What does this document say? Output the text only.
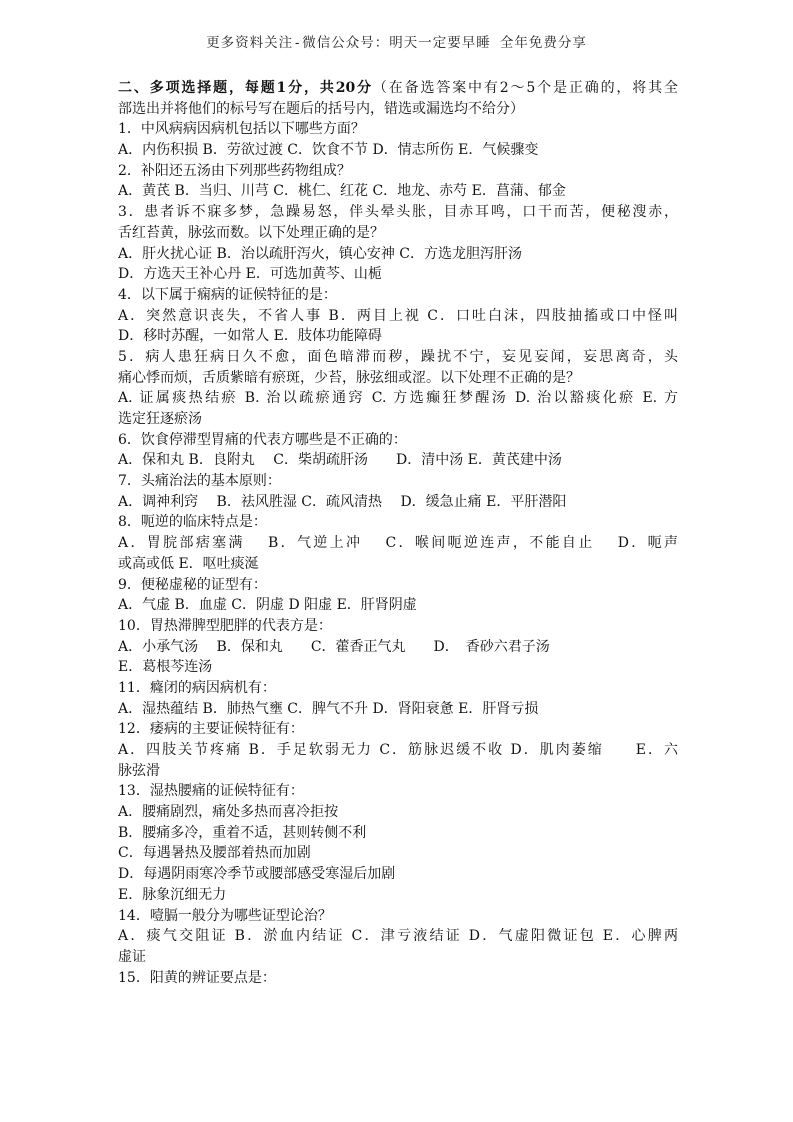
更多资料关注-微信公众号：明天一定要早睡 全年免费分享
二、多项选择题，每题1分，共20分（在备选答案中有2～5个是正确的，将其全
部选出并将他们的标号写在题后的括号内，错选或漏选均不给分）
1．中风病病因病机包括以下哪些方面？
A．内伤积损 B．劳欲过渡 C．饮食不节 D．情志所伤 E．气候骤变
2．补阳还五汤由下列那些药物组成？
A．黄芪 B．当归、川芎 C．桃仁、红花 C．地龙、赤芍 E．菖蒲、郁金
3．患者诉不寐多梦，急躁易怒，伴头晕头胀，目赤耳鸣，口干而苦，便秘溲赤，
舌红苔黄，脉弦而数。以下处理正确的是？
A．肝火扰心证 B．治以疏肝泻火，镇心安神 C．方选龙胆泻肝汤
D．方选天王补心丹 E．可选加黄芩、山栀
4．以下属于痫病的证候特征的是：
A．突然意识丧失，不省人事 B．两目上视 C．口吐白沫，四肢抽搐或口中怪叫
D．移时苏醒，一如常人 E．肢体功能障碍
5．病人患狂病日久不愈，面色暗滞而秽，躁扰不宁，妄见妄闻，妄思离奇，头
痛心悸而烦，舌质紫暗有瘀斑，少苔，脉弦细或涩。以下处理不正确的是？
A. 证属痰热结瘀 B. 治以疏瘀通窍 C. 方选癫狂梦醒汤 D. 治以豁痰化瘀 E. 方
选定狂逐瘀汤
6．饮食停滞型胃痛的代表方哪些是不正确的：
A．保和丸 B．良附丸　 C．柴胡疏肝汤　　D．清中汤 E．黄芪建中汤
7．头痛治法的基本原则：
A．调神利窍　 B．祛风胜湿 C．疏风清热　 D．缓急止痛 E．平肝潜阳
8．呃逆的临床特点是：
A．胃脘部痞塞满　 B．气逆上冲　 C．喉间呃逆连声，不能自止　 D．呃声
或高或低 E．呕吐痰涎
9．便秘虚秘的证型有：
A．气虚 B．血虚 C．阴虚 D 阳虚 E．肝肾阴虚
10．胃热滞脾型肥胖的代表方是：
A．小承气汤　 B．保和丸　　C．藿香正气丸　　D．　香砂六君子汤
E．葛根芩连汤
11．癃闭的病因病机有：
A．湿热蕴结 B．肺热气壅 C．脾气不升 D．肾阳衰惫 E．肝肾亏损
12．痿病的主要证候特征有：
A．四肢关节疼痛 B．手足软弱无力 C．筋脉迟缓不收 D．肌肉萎缩　　E．六
脉弦滑
13．湿热腰痛的证候特征有：
A．腰痛剧烈，痛处多热而喜冷拒按
B．腰痛多冷，重着不适，甚则转侧不利
C．每遇暑热及腰部着热而加剧
D．每遇阴雨寒冷季节或腰部感受寒湿后加剧
E．脉象沉细无力
14．噎膈一般分为哪些证型论治？
A．痰气交阻证 B．淤血内结证 C．津亏液结证 D．气虚阳微证包 E．心脾两
虚证
15．阳黄的辨证要点是：
